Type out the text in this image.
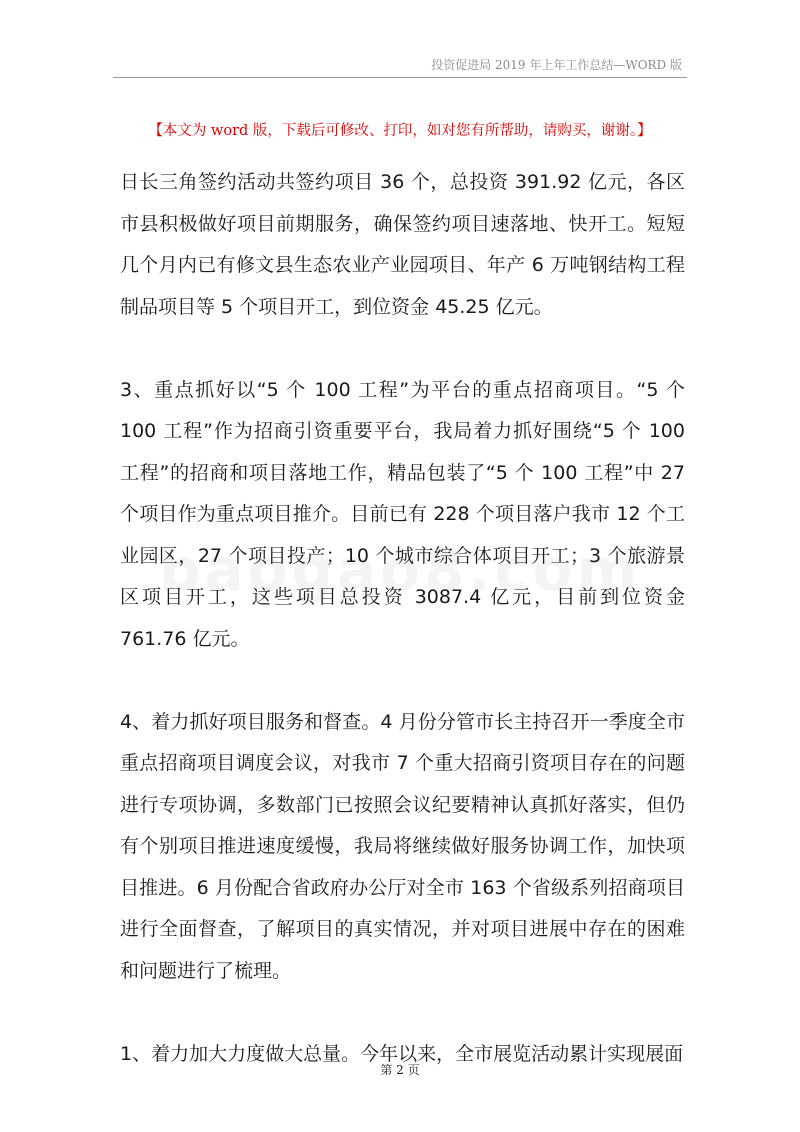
投资促进局 2019 年上年工作总结—WORD 版
【本文为 word 版，下载后可修改、打印，如对您有所帮助，请购买，谢谢。】

日长三角签约活动共签约项目 36 个，总投资 391.92 亿元，各区市县积极做好项目前期服务，确保签约项目速落地、快开工。短短几个月内已有修文县生态农业产业园项目、年产 6 万吨钢结构工程制品项目等 5 个项目开工，到位资金 45.25 亿元。

3、重点抓好以“5 个 100 工程”为平台的重点招商项目。“5 个 100 工程”作为招商引资重要平台，我局着力抓好围绕“5 个 100 工程”的招商和项目落地工作，精品包装了“5 个 100 工程”中 27 个项目作为重点项目推介。目前已有 228 个项目落户我市 12 个工业园区，27 个项目投产；10 个城市综合体项目开工；3 个旅游景区项目开工，这些项目总投资 3087.4 亿元，目前到位资金 761.76 亿元。

4、着力抓好项目服务和督查。4 月份分管市长主持召开一季度全市重点招商项目调度会议，对我市 7 个重大招商引资项目存在的问题进行专项协调，多数部门已按照会议纪要精神认真抓好落实，但仍有个别项目推进速度缓慢，我局将继续做好服务协调工作，加快项目推进。6 月份配合省政府办公厅对全市 163 个省级系列招商项目进行全面督查，了解项目的真实情况，并对项目进展中存在的困难和问题进行了梳理。

1、着力加大力度做大总量。今年以来，全市展览活动累计实现展面

第 2 页
